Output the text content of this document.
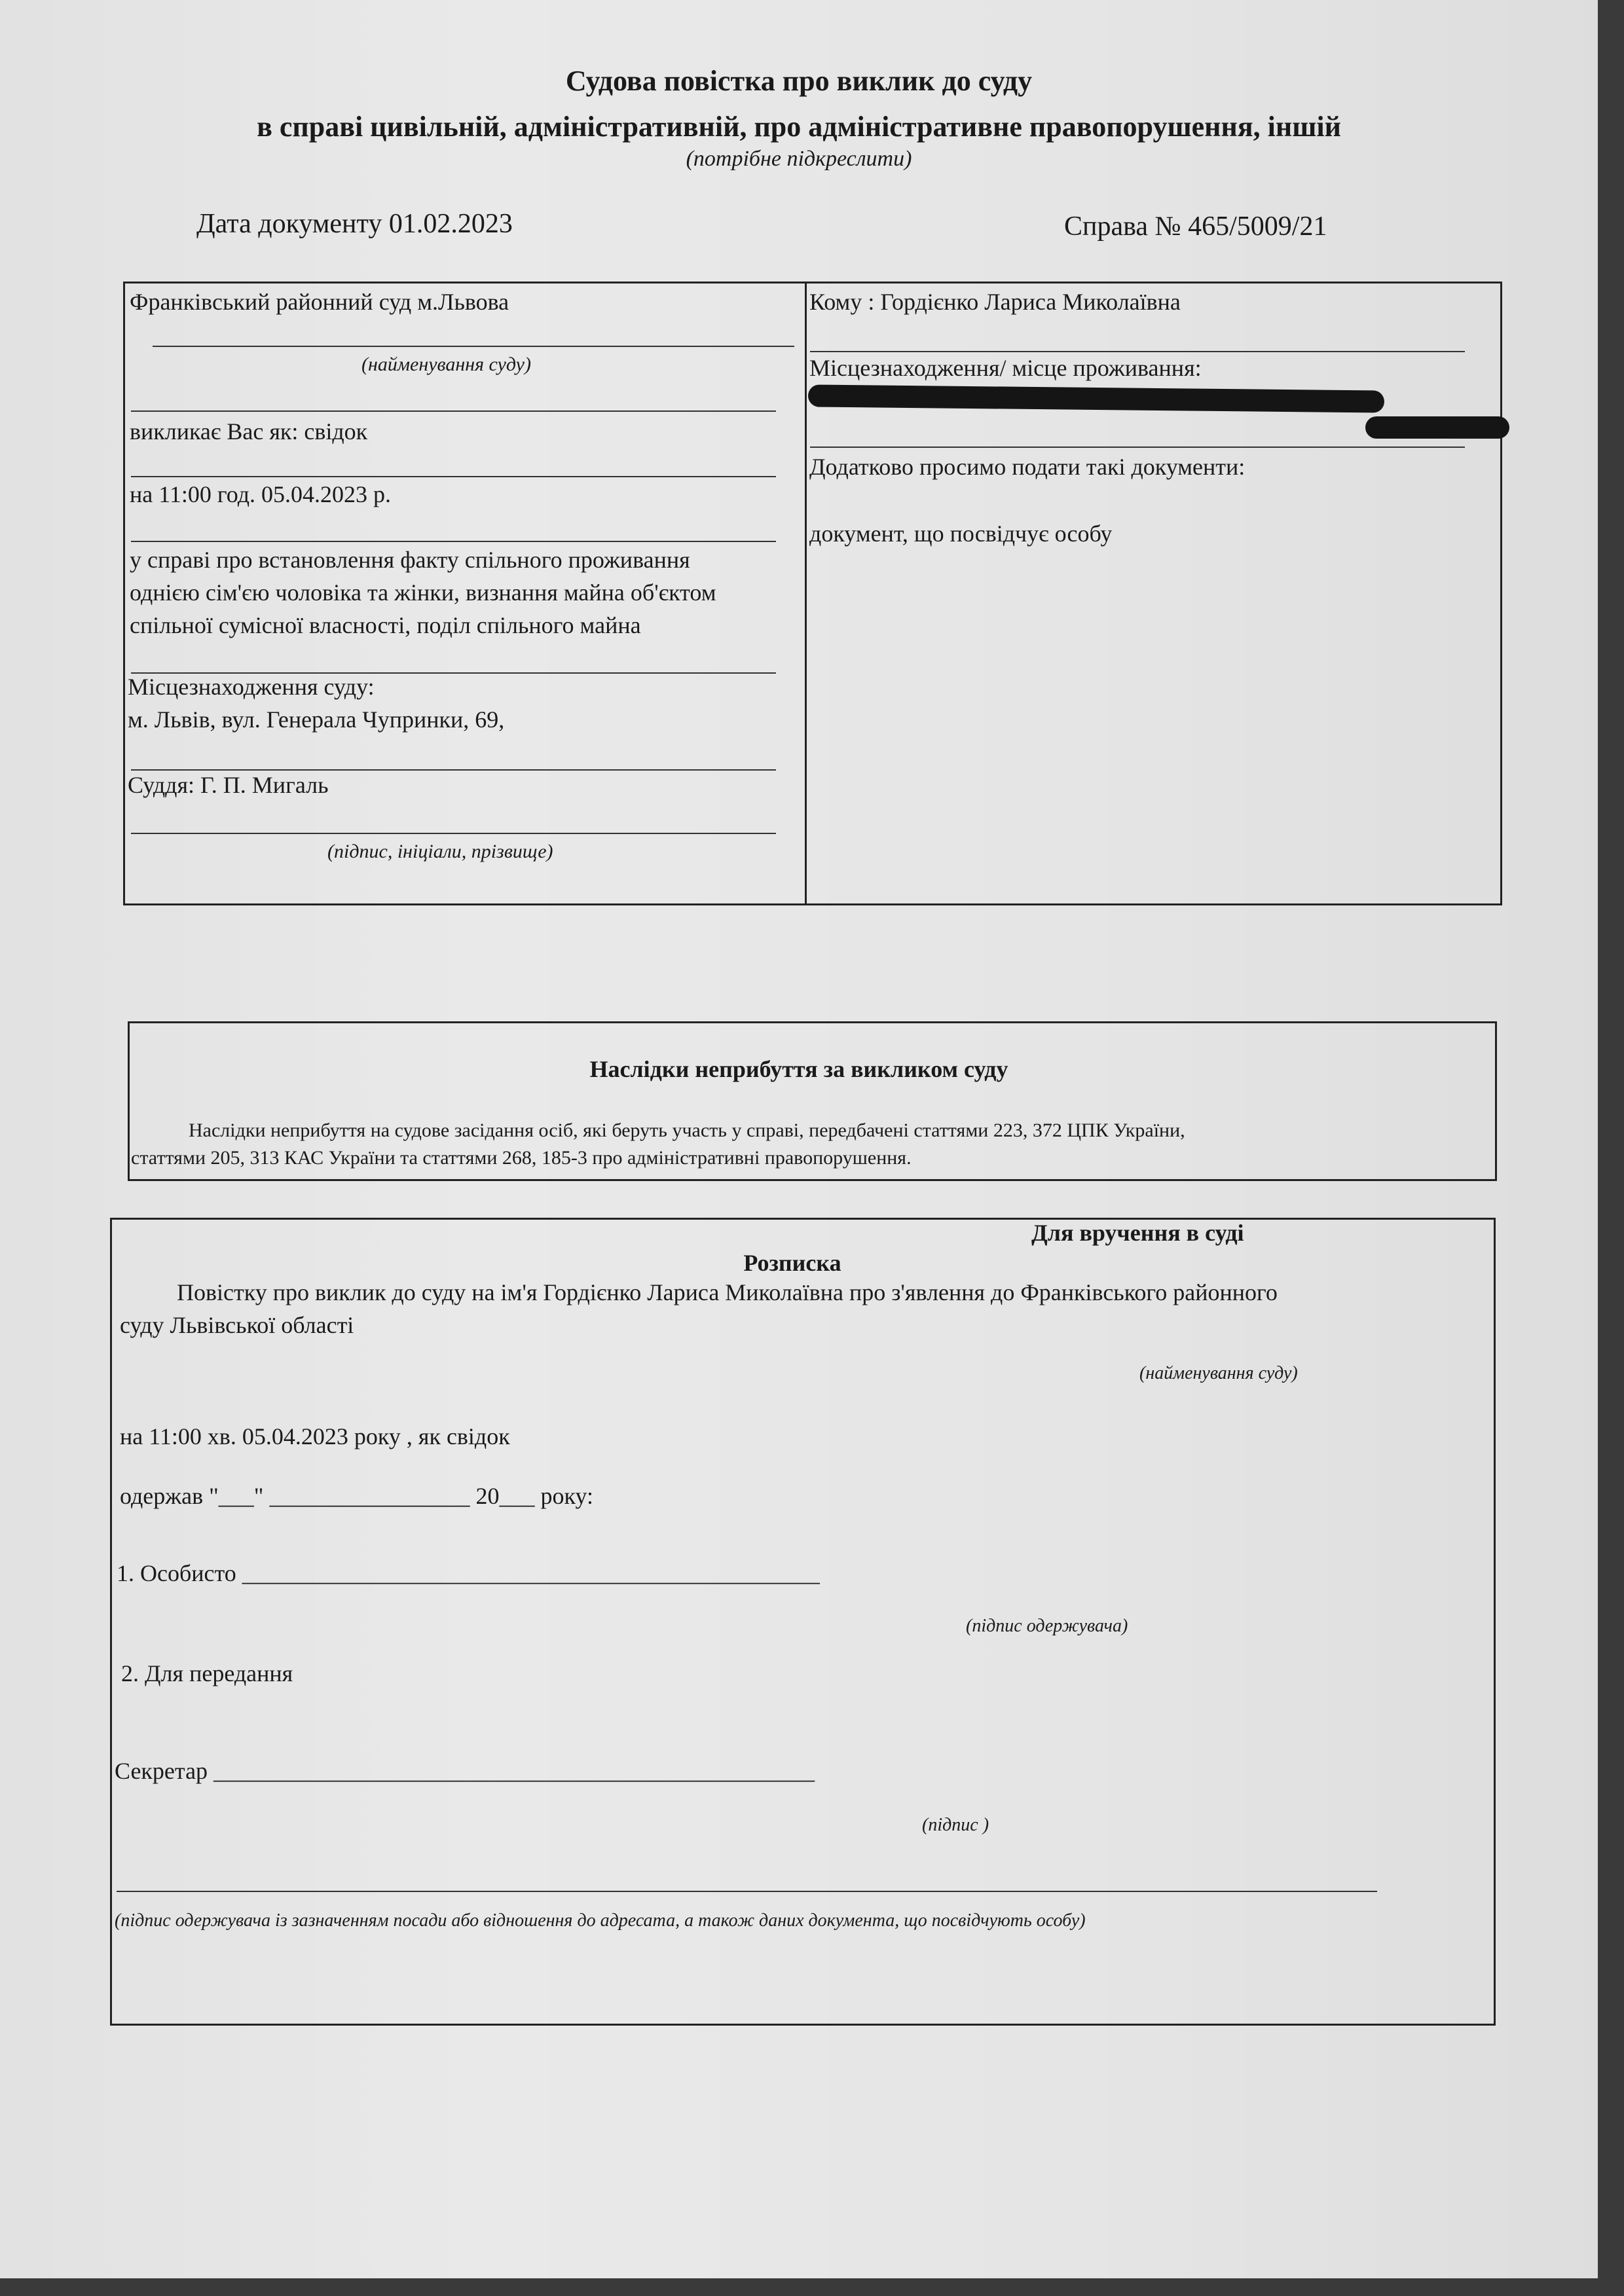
Судова повістка про виклик до суду
в справі цивільній, адміністративній, про адміністративне правопорушення, іншій
(потрібне підкреслити)
Дата документу 01.02.2023	Справа № 465/5009/21
Франківський районний суд м.Львова
(найменування суду)
викликає Вас як: свідок
на 11:00 год. 05.04.2023 р.
у справі про встановлення факту спільного проживання
однією сім'єю чоловіка та жінки, визнання майна об'єктом
спільної сумісної власності, поділ спільного майна
Місцезнаходження суду:
м. Львів, вул. Генерала Чупринки, 69,
Суддя: Г. П. Мигаль
(підпис, ініціали, прізвище)
Кому : Гордієнко Лариса Миколаївна
Місцезнаходження/ місце проживання:
Додатково просимо подати такі документи:
документ, що посвідчує особу
Наслідки неприбуття за викликом суду
Наслідки неприбуття на судове засідання осіб, які беруть участь у справі, передбачені статтями 223, 372 ЦПК України,
статтями 205, 313 КАС України та статтями 268, 185-3 про адміністративні правопорушення.
Для вручення в суді
Розписка
Повістку про виклик до суду на ім'я Гордієнко Лариса Миколаївна про з'явлення до Франківського районного
суду Львівської області
(найменування суду)
на 11:00 хв. 05.04.2023 року , як свідок
одержав "___" _________________ 20___ року:
1. Особисто _________________________________________________
(підпис одержувача)
2. Для передання
Секретар ___________________________________________________
(підпис )
(підпис одержувача із зазначенням посади або відношення до адресата, а також даних документа, що посвідчують особу)
